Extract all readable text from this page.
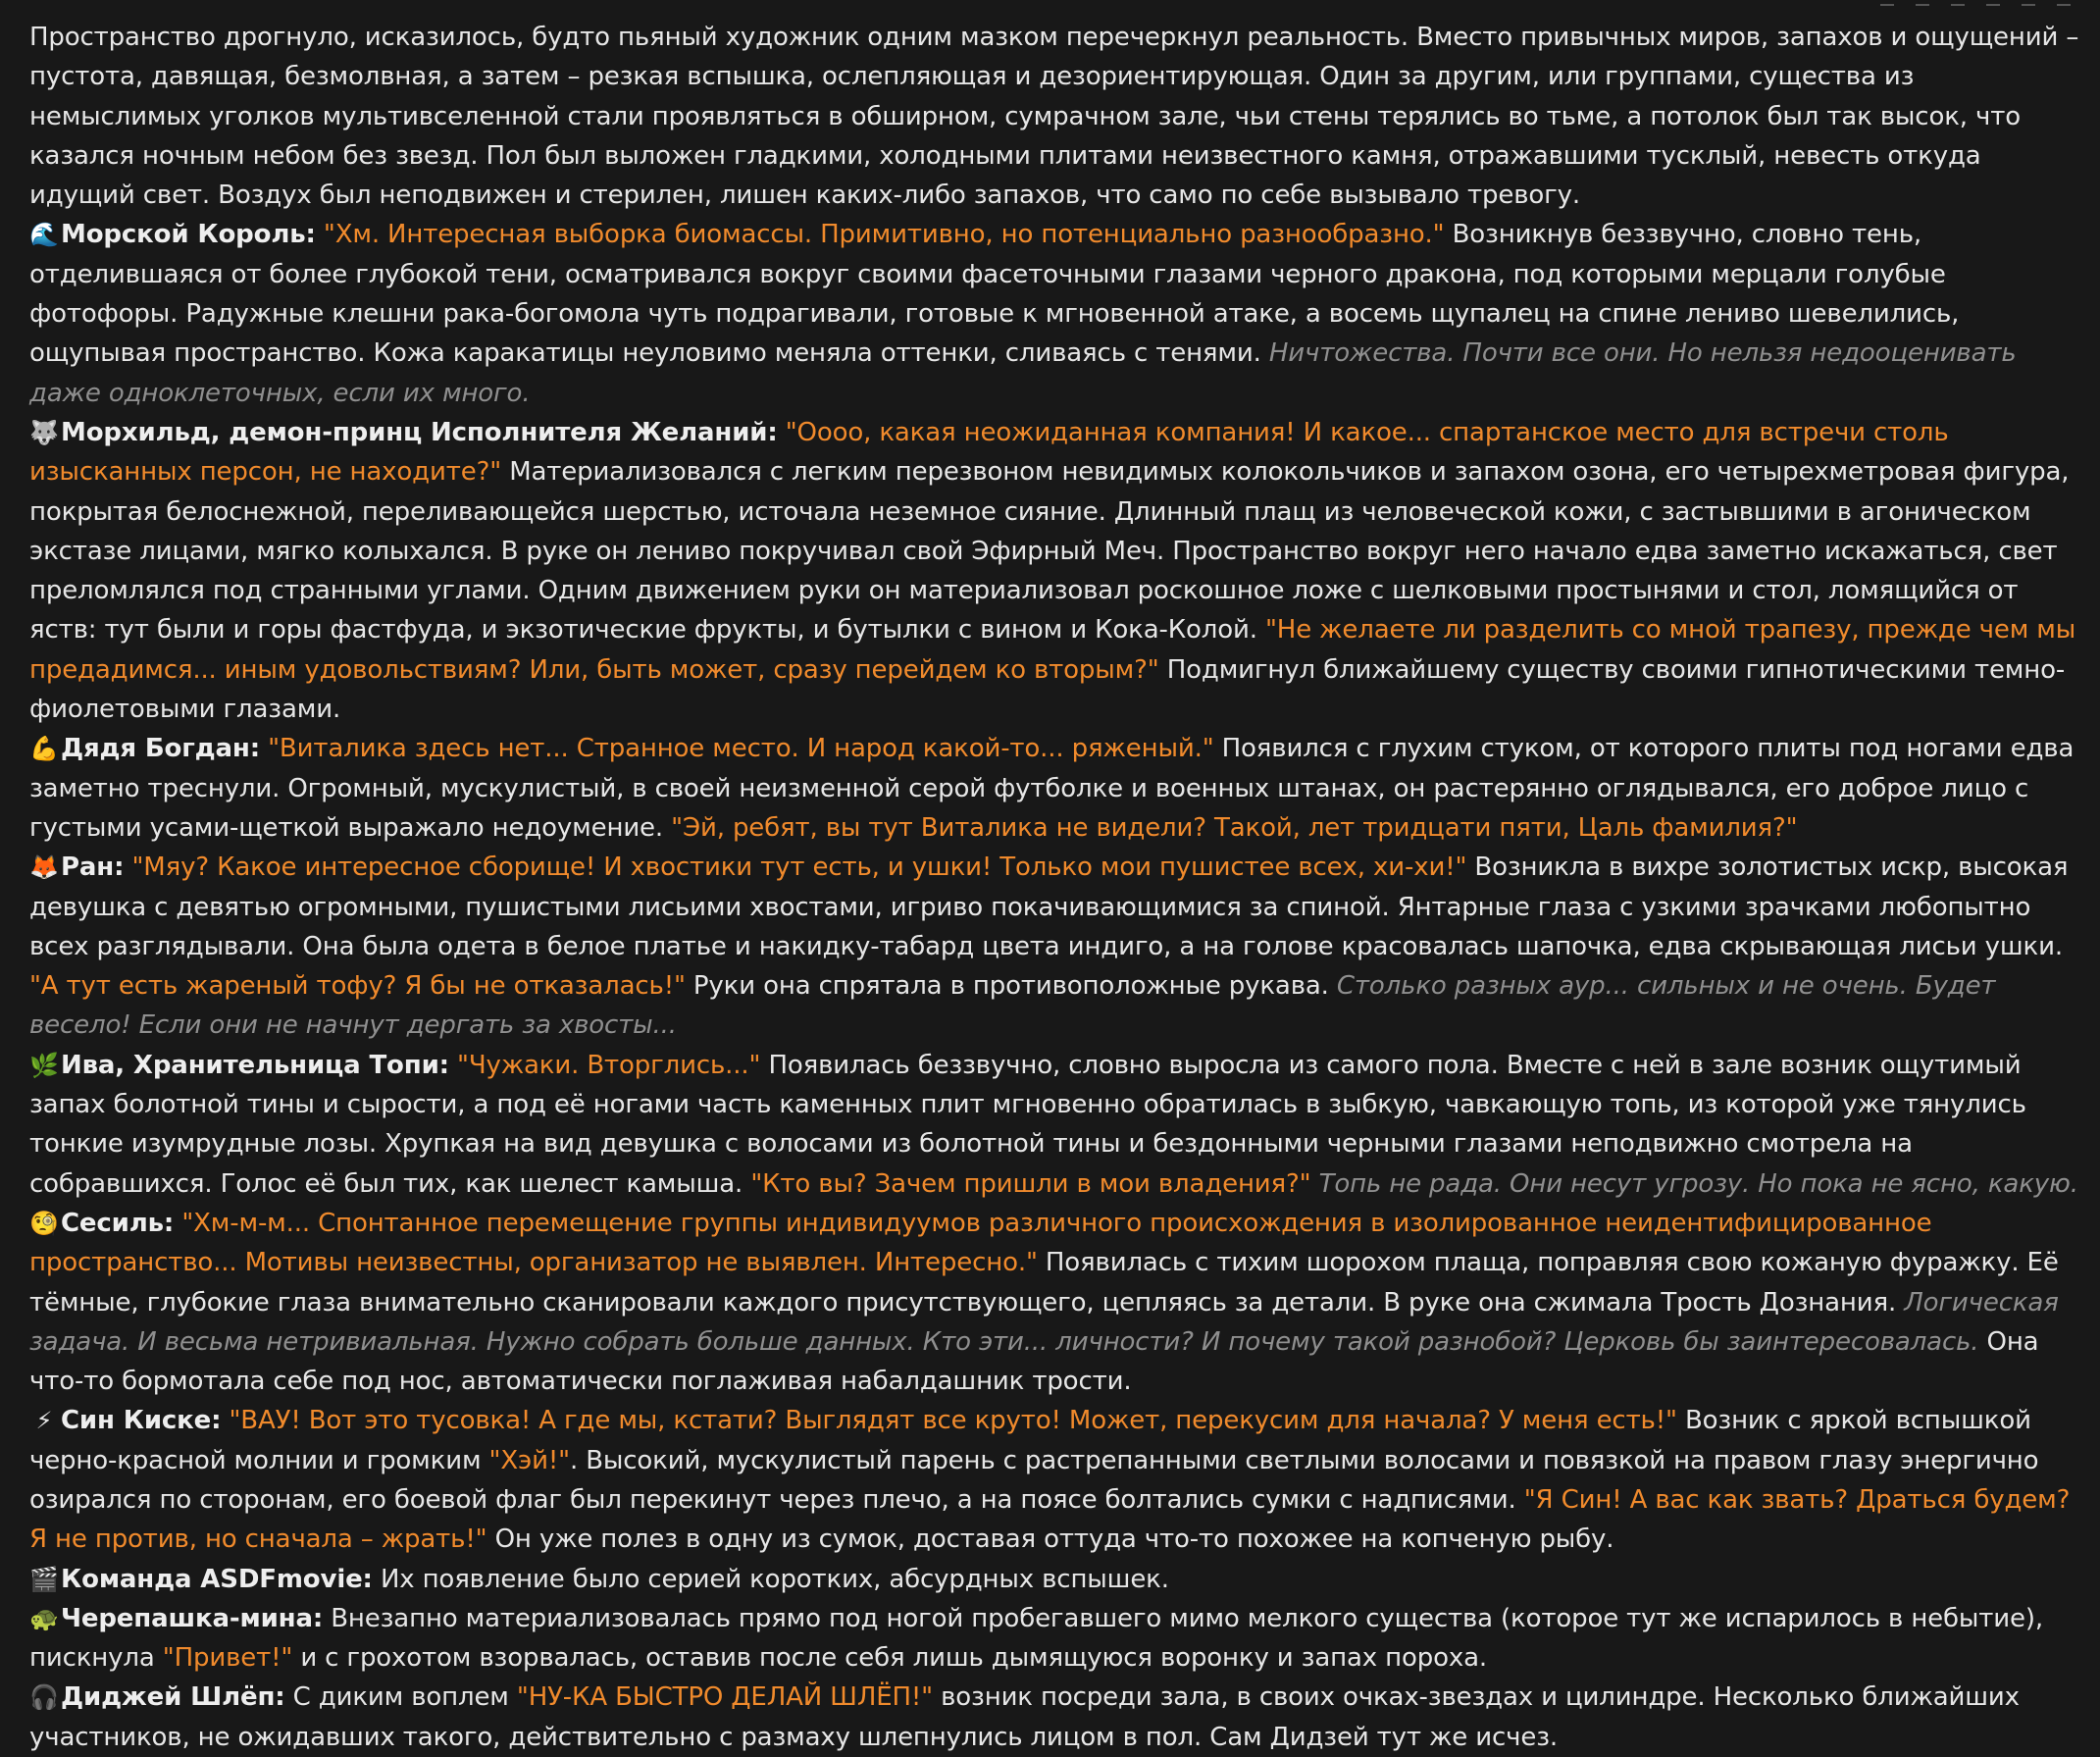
Пространство дрогнуло, исказилось, будто пьяный художник одним мазком перечеркнул реальность. Вместо привычных миров, запахов и ощущений – пустота, давящая, безмолвная, а затем – резкая вспышка, ослепляющая и дезориентирующая. Один за другим, или группами, существа из немыслимых уголков мультивселенной стали проявляться в обширном, сумрачном зале, чьи стены терялись во тьме, а потолок был так высок, что казался ночным небом без звезд. Пол был выложен гладкими, холодными плитами неизвестного камня, отражавшими тусклый, невесть откуда идущий свет. Воздух был неподвижен и стерилен, лишен каких-либо запахов, что само по себе вызывало тревогу.

🌊Морской Король: "Хм. Интересная выборка биомассы. Примитивно, но потенциально разнообразно." Возникнув беззвучно, словно тень, отделившаяся от более глубокой тени, осматривался вокруг своими фасеточными глазами черного дракона, под которыми мерцали голубые фотофоры. Радужные клешни рака-богомола чуть подрагивали, готовые к мгновенной атаке, а восемь щупалец на спине лениво шевелились, ощупывая пространство. Кожа каракатицы неуловимо меняла оттенки, сливаясь с тенями. Ничтожества. Почти все они. Но нельзя недооценивать даже одноклеточных, если их много.

🐺Морхильд, демон-принц Исполнителя Желаний: "Оооо, какая неожиданная компания! И какое... спартанское место для встречи столь изысканных персон, не находите?" Материализовался с легким перезвоном невидимых колокольчиков и запахом озона, его четырехметровая фигура, покрытая белоснежной, переливающейся шерстью, источала неземное сияние. Длинный плащ из человеческой кожи, с застывшими в агоническом экстазе лицами, мягко колыхался. В руке он лениво покручивал свой Эфирный Меч. Пространство вокруг него начало едва заметно искажаться, свет преломлялся под странными углами. Одним движением руки он материализовал роскошное ложе с шелковыми простынями и стол, ломящийся от яств: тут были и горы фастфуда, и экзотические фрукты, и бутылки с вином и Кока-Колой. "Не желаете ли разделить со мной трапезу, прежде чем мы предадимся... иным удовольствиям? Или, быть может, сразу перейдем ко вторым?" Подмигнул ближайшему существу своими гипнотическими темно-фиолетовыми глазами.

💪Дядя Богдан: "Виталика здесь нет... Странное место. И народ какой-то... ряженый." Появился с глухим стуком, от которого плиты под ногами едва заметно треснули. Огромный, мускулистый, в своей неизменной серой футболке и военных штанах, он растерянно оглядывался, его доброе лицо с густыми усами-щеткой выражало недоумение. "Эй, ребят, вы тут Виталика не видели? Такой, лет тридцати пяти, Цаль фамилия?"

🦊Ран: "Мяу? Какое интересное сборище! И хвостики тут есть, и ушки! Только мои пушистее всех, хи-хи!" Возникла в вихре золотистых искр, высокая девушка с девятью огромными, пушистыми лисьими хвостами, игриво покачивающимися за спиной. Янтарные глаза с узкими зрачками любопытно всех разглядывали. Она была одета в белое платье и накидку-табард цвета индиго, а на голове красовалась шапочка, едва скрывающая лисьи ушки. "А тут есть жареный тофу? Я бы не отказалась!" Руки она спрятала в противоположные рукава. Столько разных аур... сильных и не очень. Будет весело! Если они не начнут дергать за хвосты...

🌿Ива, Хранительница Топи: "Чужаки. Вторглись..." Появилась беззвучно, словно выросла из самого пола. Вместе с ней в зале возник ощутимый запах болотной тины и сырости, а под её ногами часть каменных плит мгновенно обратилась в зыбкую, чавкающую топь, из которой уже тянулись тонкие изумрудные лозы. Хрупкая на вид девушка с волосами из болотной тины и бездонными черными глазами неподвижно смотрела на собравшихся. Голос её был тих, как шелест камыша. "Кто вы? Зачем пришли в мои владения?" Топь не рада. Они несут угрозу. Но пока не ясно, какую.

🧐Сесиль: "Хм-м-м... Спонтанное перемещение группы индивидуумов различного происхождения в изолированное неидентифицированное пространство... Мотивы неизвестны, организатор не выявлен. Интересно." Появилась с тихим шорохом плаща, поправляя свою кожаную фуражку. Её тёмные, глубокие глаза внимательно сканировали каждого присутствующего, цепляясь за детали. В руке она сжимала Трость Дознания. Логическая задача. И весьма нетривиальная. Нужно собрать больше данных. Кто эти... личности? И почему такой разнобой? Церковь бы заинтересовалась. Она что-то бормотала себе под нос, автоматически поглаживая набалдашник трости.

⚡ Син Киске: "ВАУ! Вот это тусовка! А где мы, кстати? Выглядят все круто! Может, перекусим для начала? У меня есть!" Возник с яркой вспышкой черно-красной молнии и громким "Хэй!". Высокий, мускулистый парень с растрепанными светлыми волосами и повязкой на правом глазу энергично озирался по сторонам, его боевой флаг был перекинут через плечо, а на поясе болтались сумки с надписями. "Я Син! А вас как звать? Драться будем? Я не против, но сначала – жрать!" Он уже полез в одну из сумок, доставая оттуда что-то похожее на копченую рыбу.

🎬Команда ASDFmovie: Их появление было серией коротких, абсурдных вспышек.

🐢Черепашка-мина: Внезапно материализовалась прямо под ногой пробегавшего мимо мелкого существа (которое тут же испарилось в небытие), пискнула "Привет!" и с грохотом взорвалась, оставив после себя лишь дымящуюся воронку и запах пороха.

🎧Диджей Шлёп: С диким воплем "НУ-КА БЫСТРО ДЕЛАЙ ШЛЁП!" возник посреди зала, в своих очках-звездах и цилиндре. Несколько ближайших участников, не ожидавших такого, действительно с размаху шлепнулись лицом в пол. Сам Дидзей тут же исчез.
